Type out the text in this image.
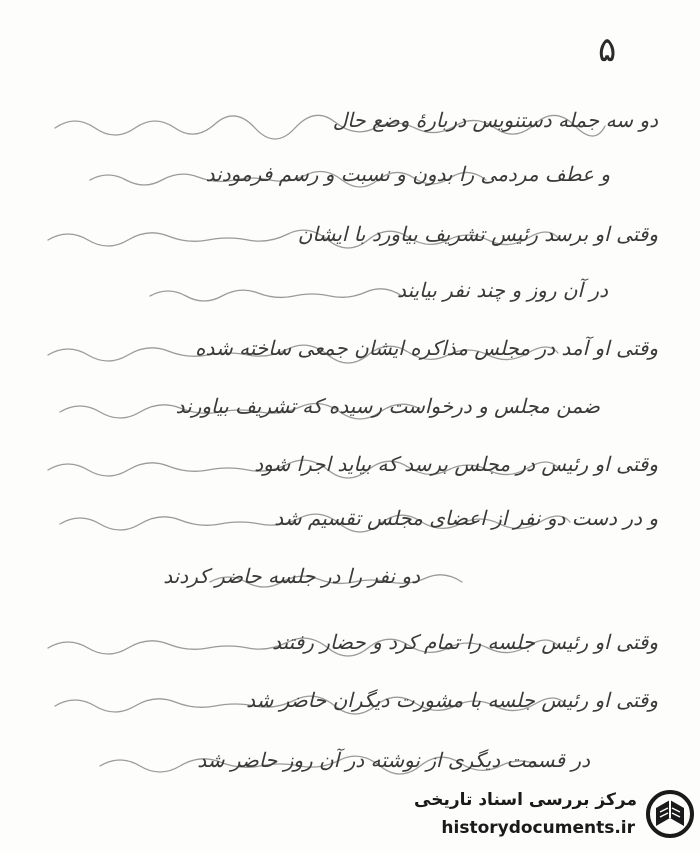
۵
دو سه جمله دستنویس دربارهٔ وضع حال
و عطف مردمی را بدون و نسبت و رسم فرمودند
وقتی او برسد رئیس تشریف بیاورد با ایشان
در آن روز و چند نفر بیایند
وقتی او آمد در مجلس مذاکره ایشان جمعی ساخته شده
ضمن مجلس و درخواست رسیده که تشریف بیاورند
وقتی او رئیس در مجلس برسد که بیاید اجرا شود
و در دست دو نفر از اعضای مجلس تقسیم شد
دو نفر را در جلسه حاضر کردند
وقتی او رئیس جلسه را تمام کرد و حضار رفتند
وقتی او رئیس جلسه با مشورت دیگران حاضر شد
در قسمت دیگری از نوشته در آن روز حاضر شد
مرکز بررسی اسناد تاریخی
historydocuments.ir
